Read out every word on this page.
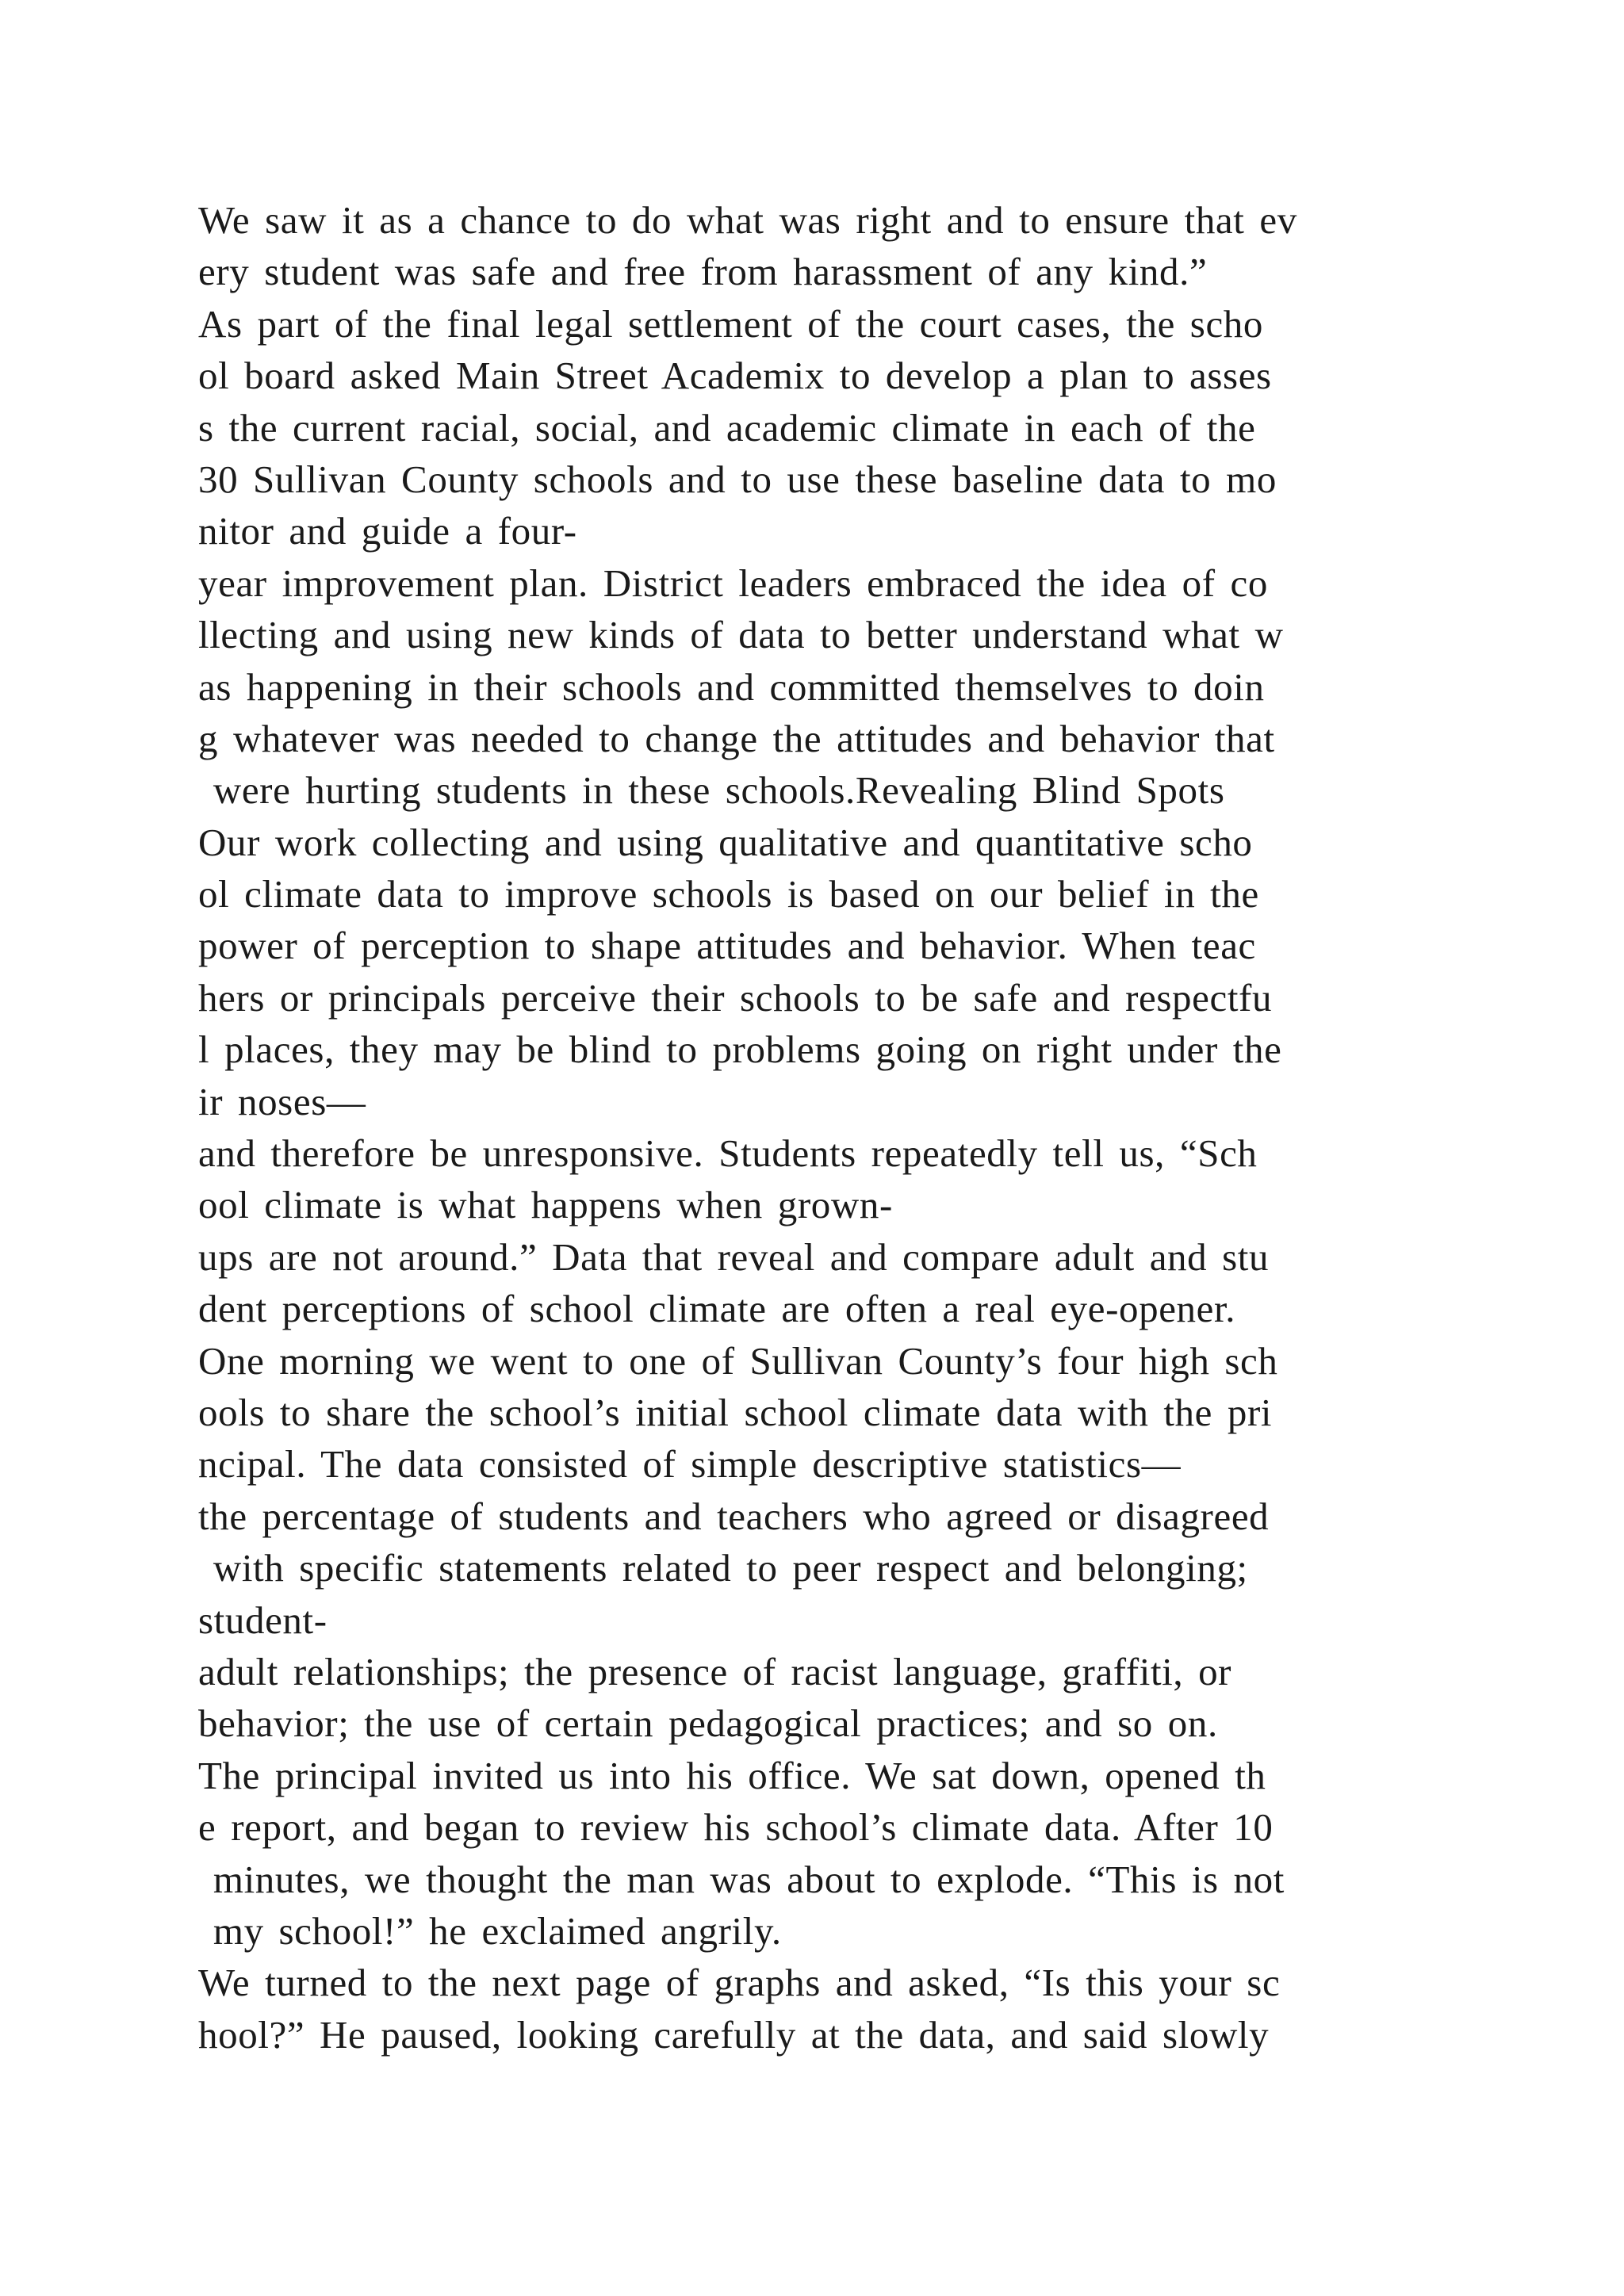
We saw it as a chance to do what was right and to ensure that ev
ery student was safe and free from harassment of any kind.”
As part of the final legal settlement of the court cases, the scho
ol board asked Main Street Academix to develop a plan to asses
s the current racial, social, and academic climate in each of the
30 Sullivan County schools and to use these baseline data to mo
nitor and guide a four-
year improvement plan. District leaders embraced the idea of co
llecting and using new kinds of data to better understand what w
as happening in their schools and committed themselves to doin
g whatever was needed to change the attitudes and behavior that
were hurting students in these schools.Revealing Blind Spots
Our work collecting and using qualitative and quantitative scho
ol climate data to improve schools is based on our belief in the
power of perception to shape attitudes and behavior. When teac
hers or principals perceive their schools to be safe and respectfu
l places, they may be blind to problems going on right under the
ir noses—
and therefore be unresponsive. Students repeatedly tell us, “Sch
ool climate is what happens when grown-
ups are not around.” Data that reveal and compare adult and stu
dent perceptions of school climate are often a real eye-opener.
One morning we went to one of Sullivan County’s four high sch
ools to share the school’s initial school climate data with the pri
ncipal. The data consisted of simple descriptive statistics—
the percentage of students and teachers who agreed or disagreed
with specific statements related to peer respect and belonging;
student-
adult relationships; the presence of racist language, graffiti, or
behavior; the use of certain pedagogical practices; and so on.
The principal invited us into his office. We sat down, opened th
e report, and began to review his school’s climate data. After 10
minutes, we thought the man was about to explode. “This is not
my school!” he exclaimed angrily.
We turned to the next page of graphs and asked, “Is this your sc
hool?” He paused, looking carefully at the data, and said slowly
